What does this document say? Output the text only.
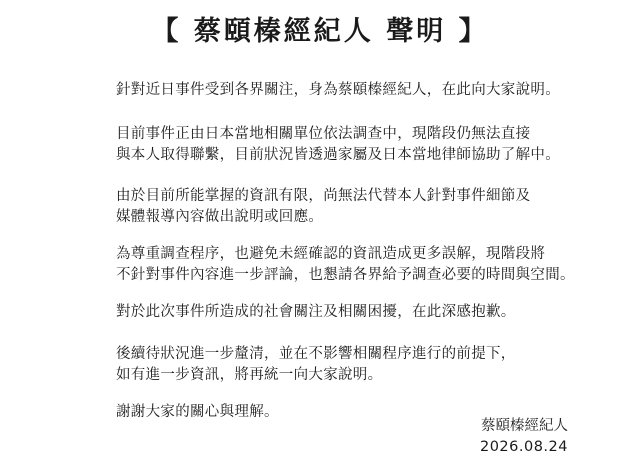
【 蔡頤榛經紀人 聲明 】
針對近日事件受到各界關注，身為蔡頤榛經紀人，在此向大家說明。
目前事件正由日本當地相關單位依法調查中，現階段仍無法直接
與本人取得聯繫，目前狀況皆透過家屬及日本當地律師協助了解中。
由於目前所能掌握的資訊有限，尚無法代替本人針對事件細節及
媒體報導內容做出說明或回應。
為尊重調查程序，也避免未經確認的資訊造成更多誤解，現階段將
不針對事件內容進一步評論，也懇請各界給予調查必要的時間與空間。
對於此次事件所造成的社會關注及相關困擾，在此深感抱歉。
後續待狀況進一步釐清，並在不影響相關程序進行的前提下，
如有進一步資訊，將再統一向大家說明。
謝謝大家的關心與理解。
蔡頤榛經紀人
2026.08.24
